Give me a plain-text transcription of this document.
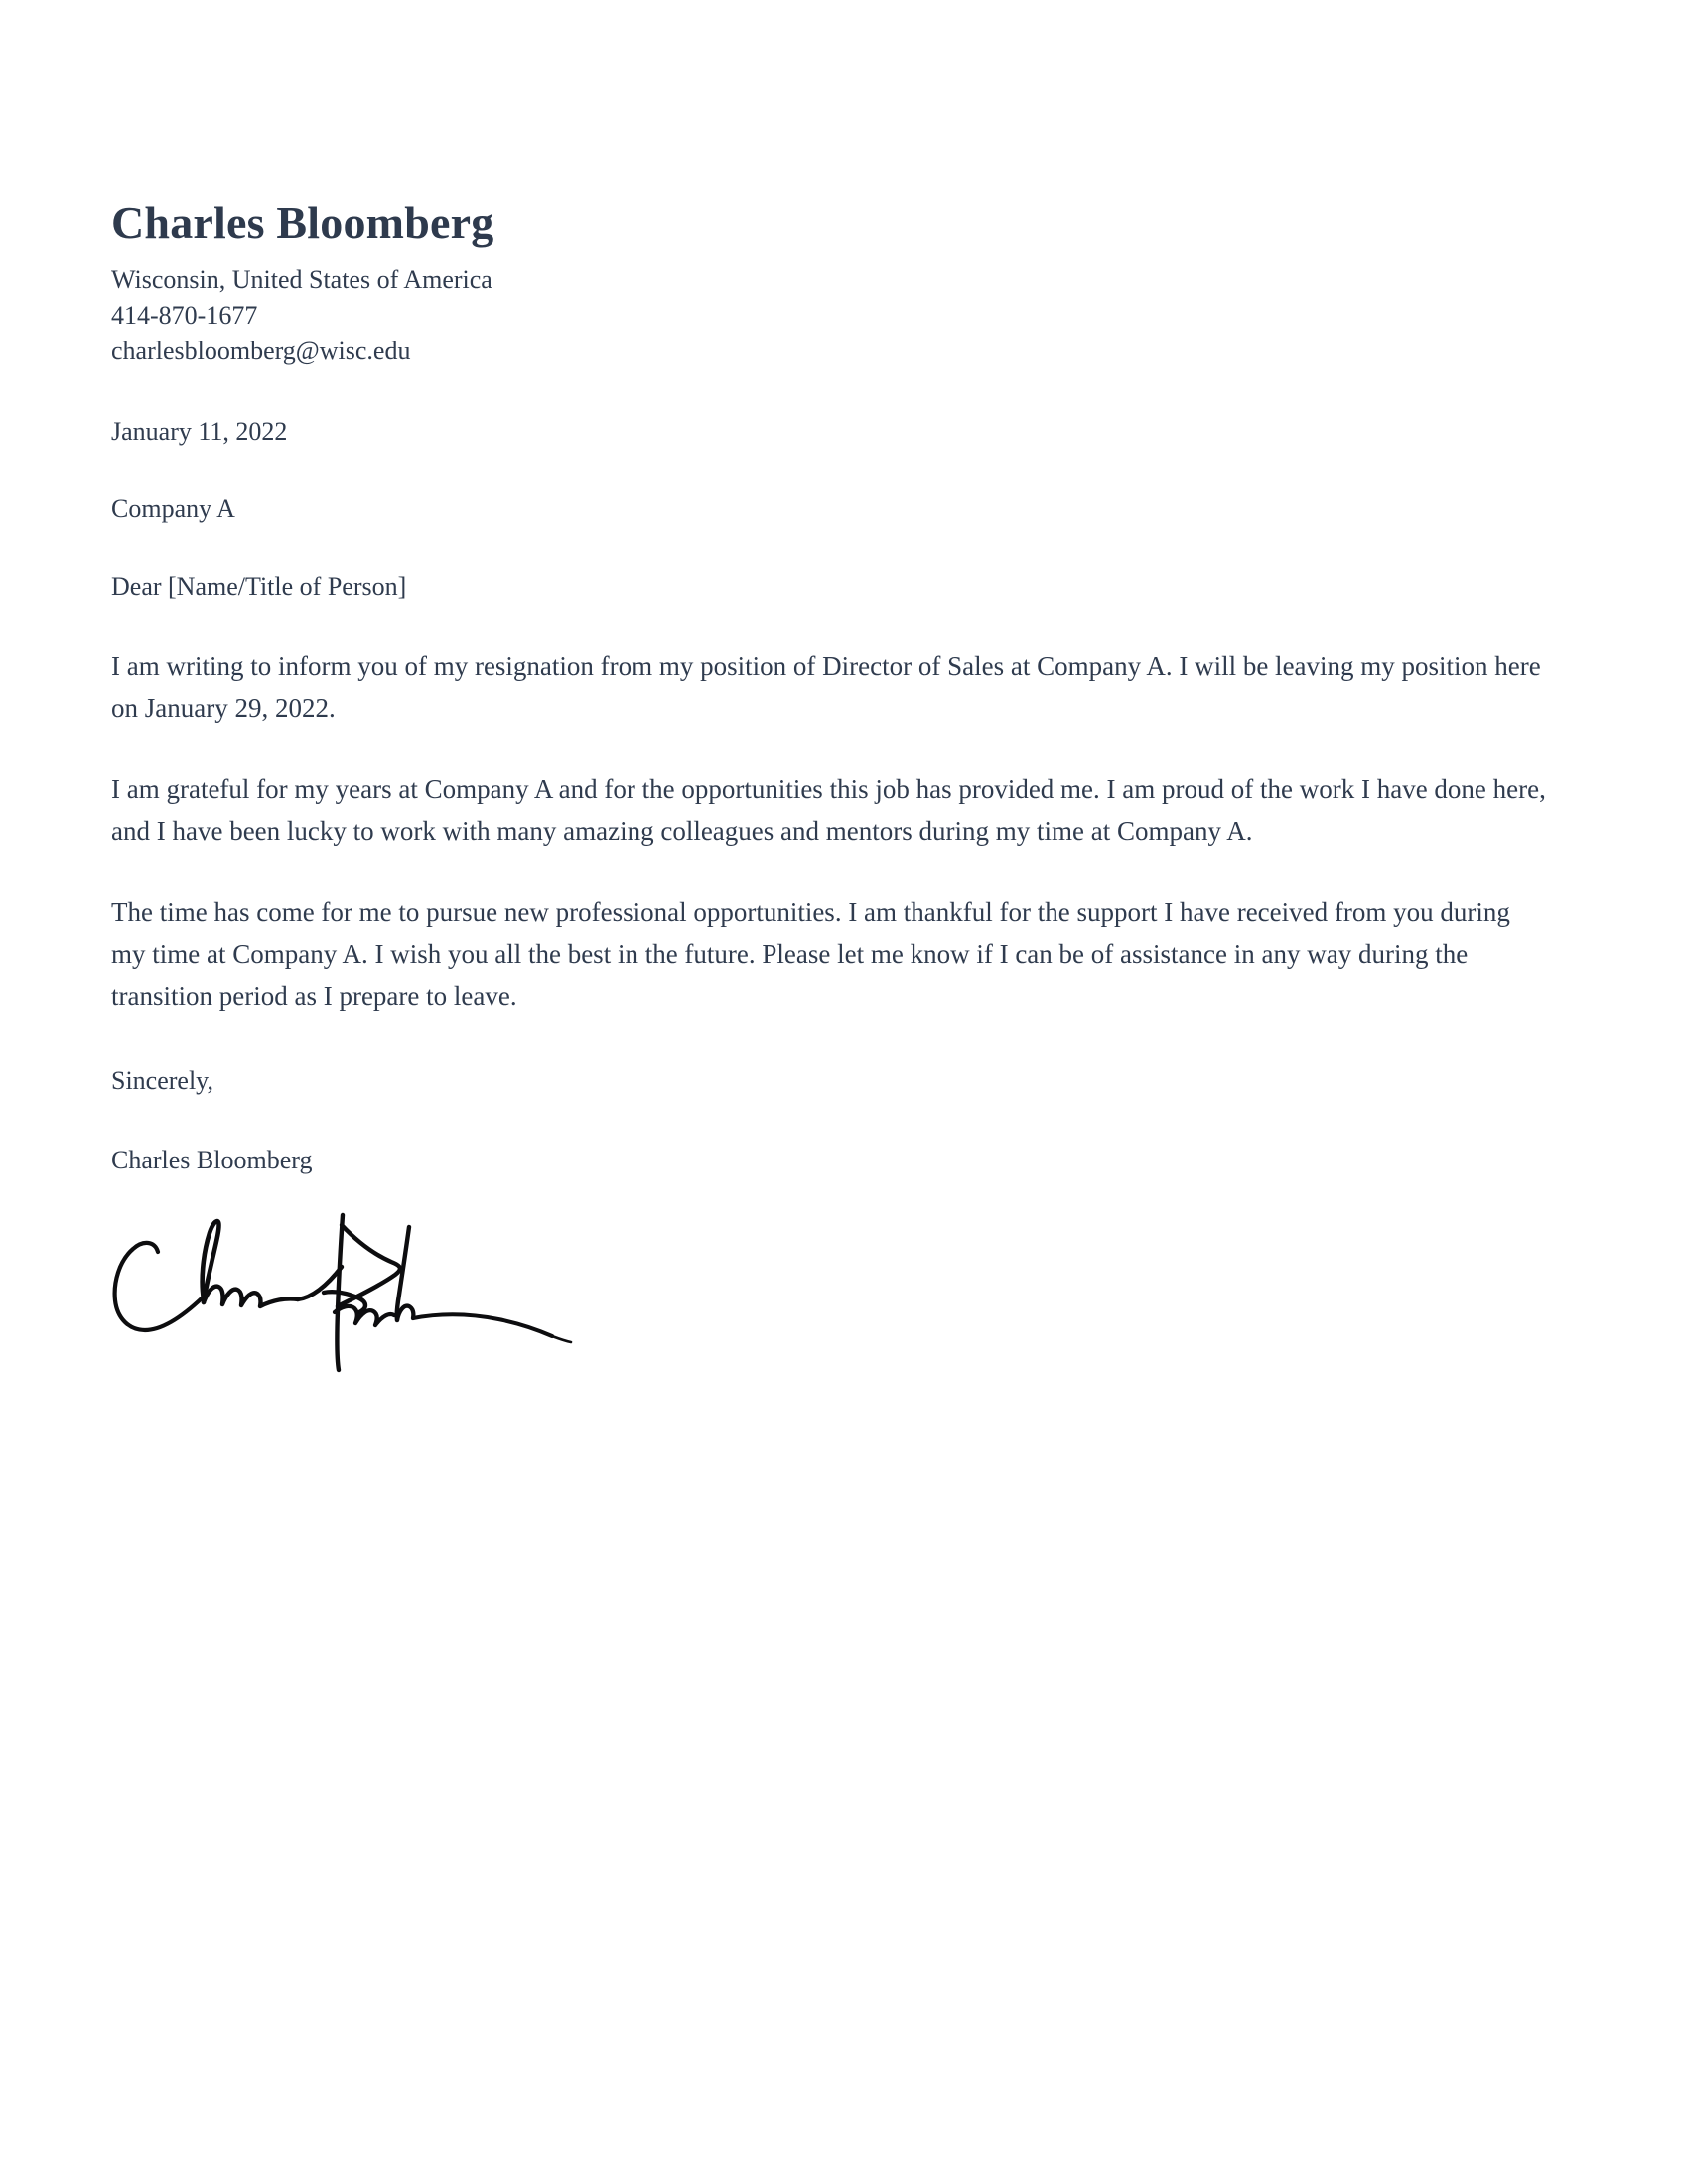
Charles Bloomberg

Wisconsin, United States of America

414-870-1677

charlesbloomberg@wisc.edu

January 11, 2022

Company A

Dear [Name/Title of Person]

I am writing to inform you of my resignation from my position of Director of Sales at Company A. I will be leaving my position here on January 29, 2022.

I am grateful for my years at Company A and for the opportunities this job has provided me. I am proud of the work I have done here, and I have been lucky to work with many amazing colleagues and mentors during my time at Company A.

The time has come for me to pursue new professional opportunities. I am thankful for the support I have received from you during my time at Company A. I wish you all the best in the future. Please let me know if I can be of assistance in any way during the transition period as I prepare to leave.

Sincerely,

Charles Bloomberg
